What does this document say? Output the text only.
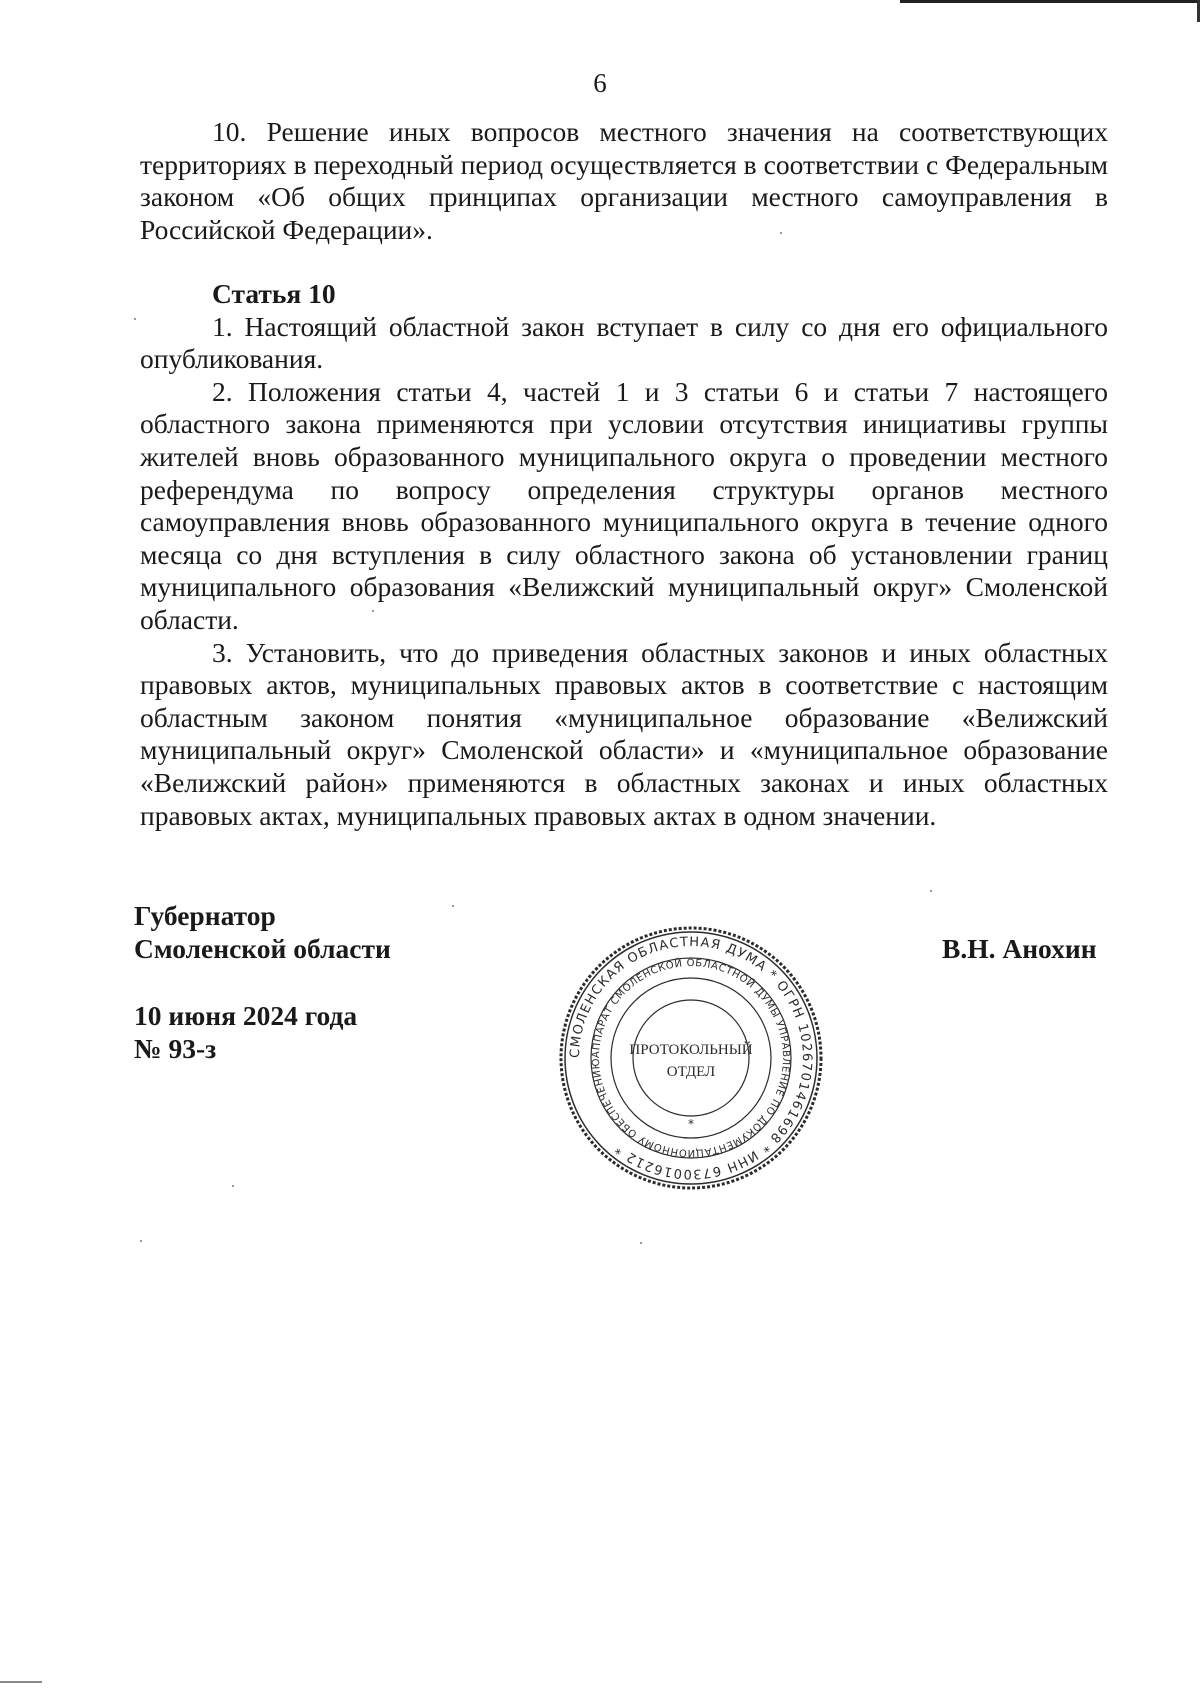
6

10. Решение иных вопросов местного значения на соответствующих территориях в переходный период осуществляется в соответствии с Федеральным законом «Об общих принципах организации местного самоуправления в Российской Федерации».

Статья 10

1. Настоящий областной закон вступает в силу со дня его официального опубликования.

2. Положения статьи 4, частей 1 и 3 статьи 6 и статьи 7 настоящего областного закона применяются при условии отсутствия инициативы группы жителей вновь образованного муниципального округа о проведении местного референдума по вопросу определения структуры органов местного самоуправления вновь образованного муниципального округа в течение одного месяца со дня вступления в силу областного закона об установлении границ муниципального образования «Велижский муниципальный округ» Смоленской области.

3. Установить, что до приведения областных законов и иных областных правовых актов, муниципальных правовых актов в соответствие с настоящим областным законом понятия «муниципальное образование «Велижский муниципальный округ» Смоленской области» и «муниципальное образование «Велижский район» применяются в областных законах и иных областных правовых актах, муниципальных правовых актах в одном значении.

Губернатор
Смоленской области	В.Н. Анохин
10 июня 2024 года
№ 93-з	СМОЛЕНСКАЯ ОБЛАСТНАЯ ДУМА * ОГРН 1026701461698 * ИНН 6730016212 *
АППАРАТ СМОЛЕНСКОЙ ОБЛАСТНОЙ ДУМЫ УПРАВЛЕНИЕ ПО ДОКУМЕНТАЦИОННОМУ ОБЕСПЕЧЕНИЮ
ПРОТОКОЛЬНЫЙ
ОТДЕЛ
*
